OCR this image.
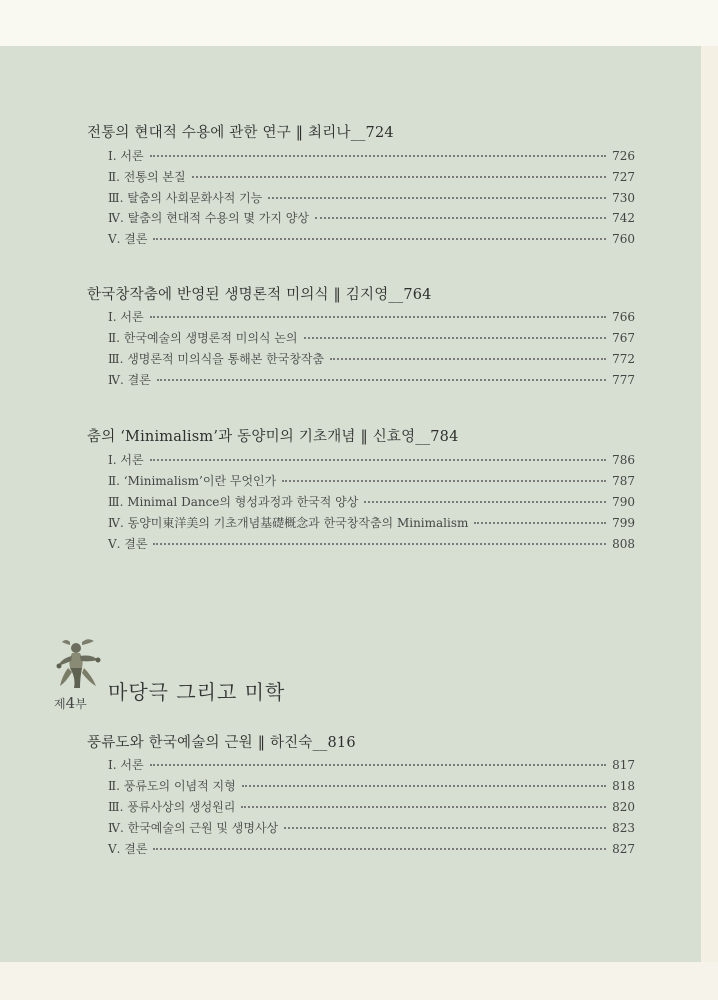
전통의 현대적 수용에 관한 연구 ‖ 최리나__724
Ⅰ. 서론	726
Ⅱ. 전통의 본질	727
Ⅲ. 탈춤의 사회문화사적 기능	730
Ⅳ. 탈춤의 현대적 수용의 몇 가지 양상	742
Ⅴ. 결론	760
한국창작춤에 반영된 생명론적 미의식 ‖ 김지영__764
Ⅰ. 서론	766
Ⅱ. 한국예술의 생명론적 미의식 논의	767
Ⅲ. 생명론적 미의식을 통해본 한국창작춤	772
Ⅳ. 결론	777
춤의 ‘Minimalism’과 동양미의 기초개념 ‖ 신효영__784
Ⅰ. 서론	786
Ⅱ. ‘Minimalism’이란 무엇인가	787
Ⅲ. Minimal Dance의 형성과정과 한국적 양상	790
Ⅳ. 동양미東洋美의 기초개념基礎概念과 한국창작춤의 Minimalism	799
Ⅴ. 결론	808
제4부 마당극 그리고 미학
풍류도와 한국예술의 근원 ‖ 하진숙__816
Ⅰ. 서론	817
Ⅱ. 풍류도의 이념적 지형	818
Ⅲ. 풍류사상의 생성원리	820
Ⅳ. 한국예술의 근원 및 생명사상	823
Ⅴ. 결론	827
